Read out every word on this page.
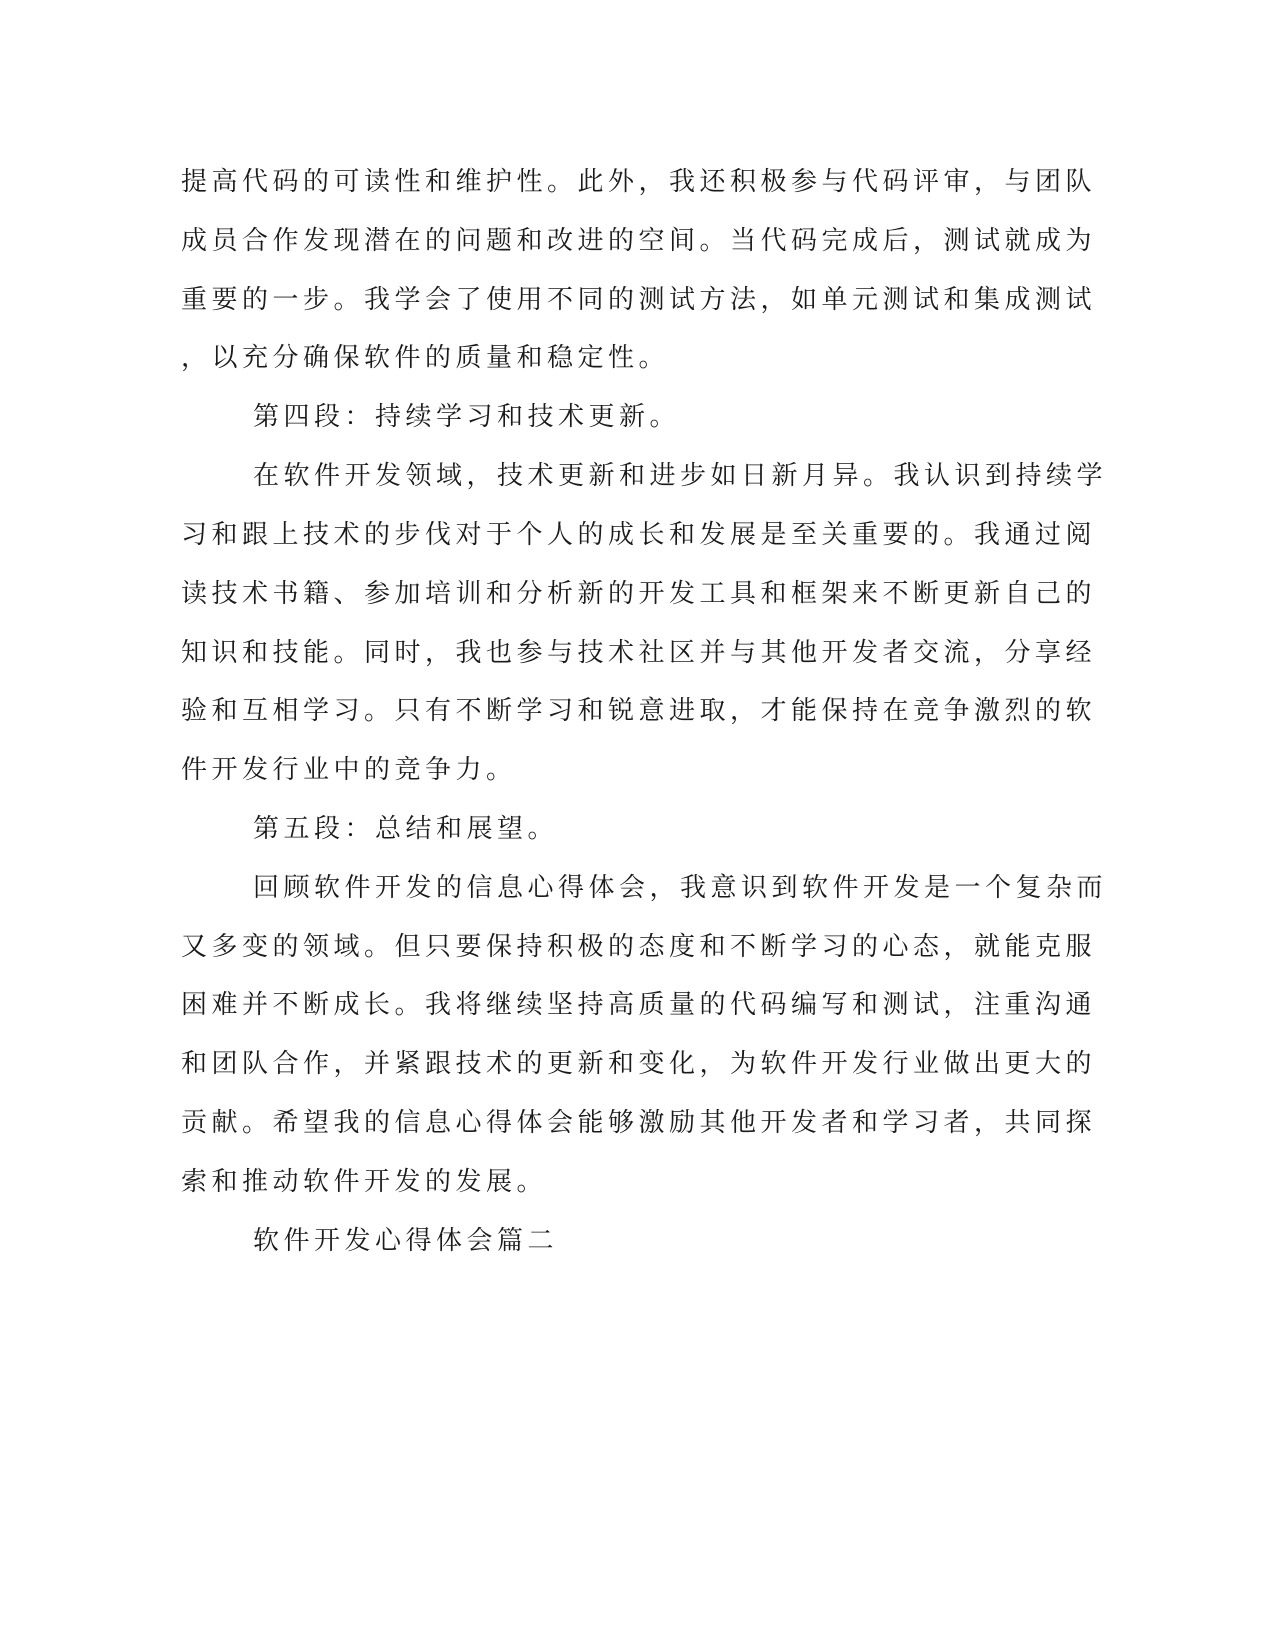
提高代码的可读性和维护性。此外，我还积极参与代码评审，与团队

成员合作发现潜在的问题和改进的空间。当代码完成后，测试就成为

重要的一步。我学会了使用不同的测试方法，如单元测试和集成测试

，以充分确保软件的质量和稳定性。

第四段：持续学习和技术更新。

在软件开发领域，技术更新和进步如日新月异。我认识到持续学

习和跟上技术的步伐对于个人的成长和发展是至关重要的。我通过阅

读技术书籍、参加培训和分析新的开发工具和框架来不断更新自己的

知识和技能。同时，我也参与技术社区并与其他开发者交流，分享经

验和互相学习。只有不断学习和锐意进取，才能保持在竞争激烈的软

件开发行业中的竞争力。

第五段：总结和展望。

回顾软件开发的信息心得体会，我意识到软件开发是一个复杂而

又多变的领域。但只要保持积极的态度和不断学习的心态，就能克服

困难并不断成长。我将继续坚持高质量的代码编写和测试，注重沟通

和团队合作，并紧跟技术的更新和变化，为软件开发行业做出更大的

贡献。希望我的信息心得体会能够激励其他开发者和学习者，共同探

索和推动软件开发的发展。

软件开发心得体会篇二
